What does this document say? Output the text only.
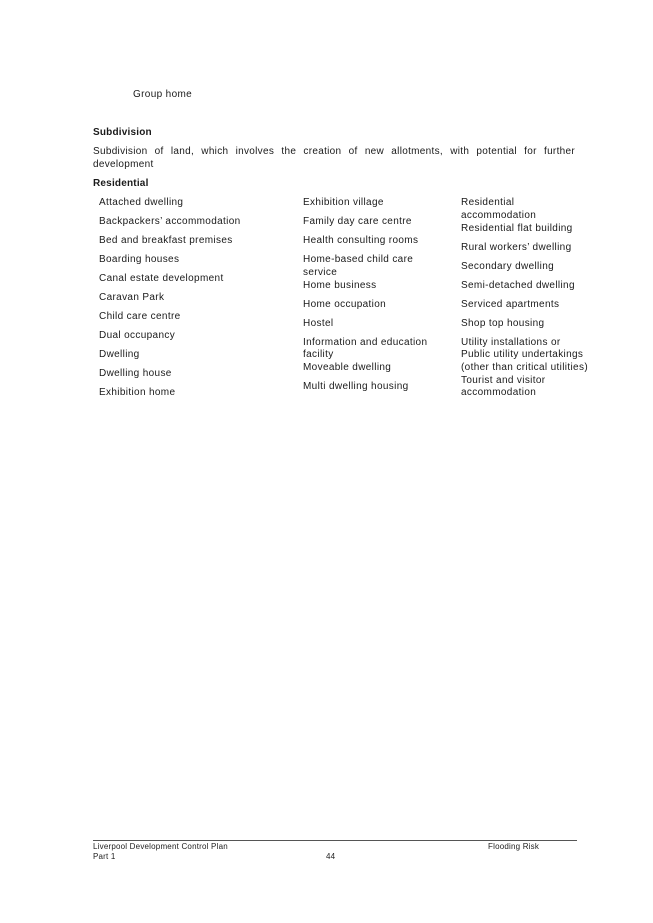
Group home
Subdivision
Subdivision of land, which involves the creation of new allotments, with potential for further development
Residential
Attached dwelling
Backpackers’ accommodation
Bed and breakfast premises
Boarding houses
Canal estate development
Caravan Park
Child care centre
Dual occupancy
Dwelling
Dwelling house
Exhibition home
Exhibition village
Family day care centre
Health consulting rooms
Home-based child care service
Home business
Home occupation
Hostel
Information and education facility
Moveable dwelling
Multi dwelling housing
Residential accommodation
Residential flat building
Rural workers’ dwelling
Secondary dwelling
Semi-detached dwelling
Serviced apartments
Shop top housing
Utility installations or Public utility undertakings (other than critical utilities)
Tourist and visitor accommodation
Liverpool Development Control Plan
Part 1	44
Flooding Risk
